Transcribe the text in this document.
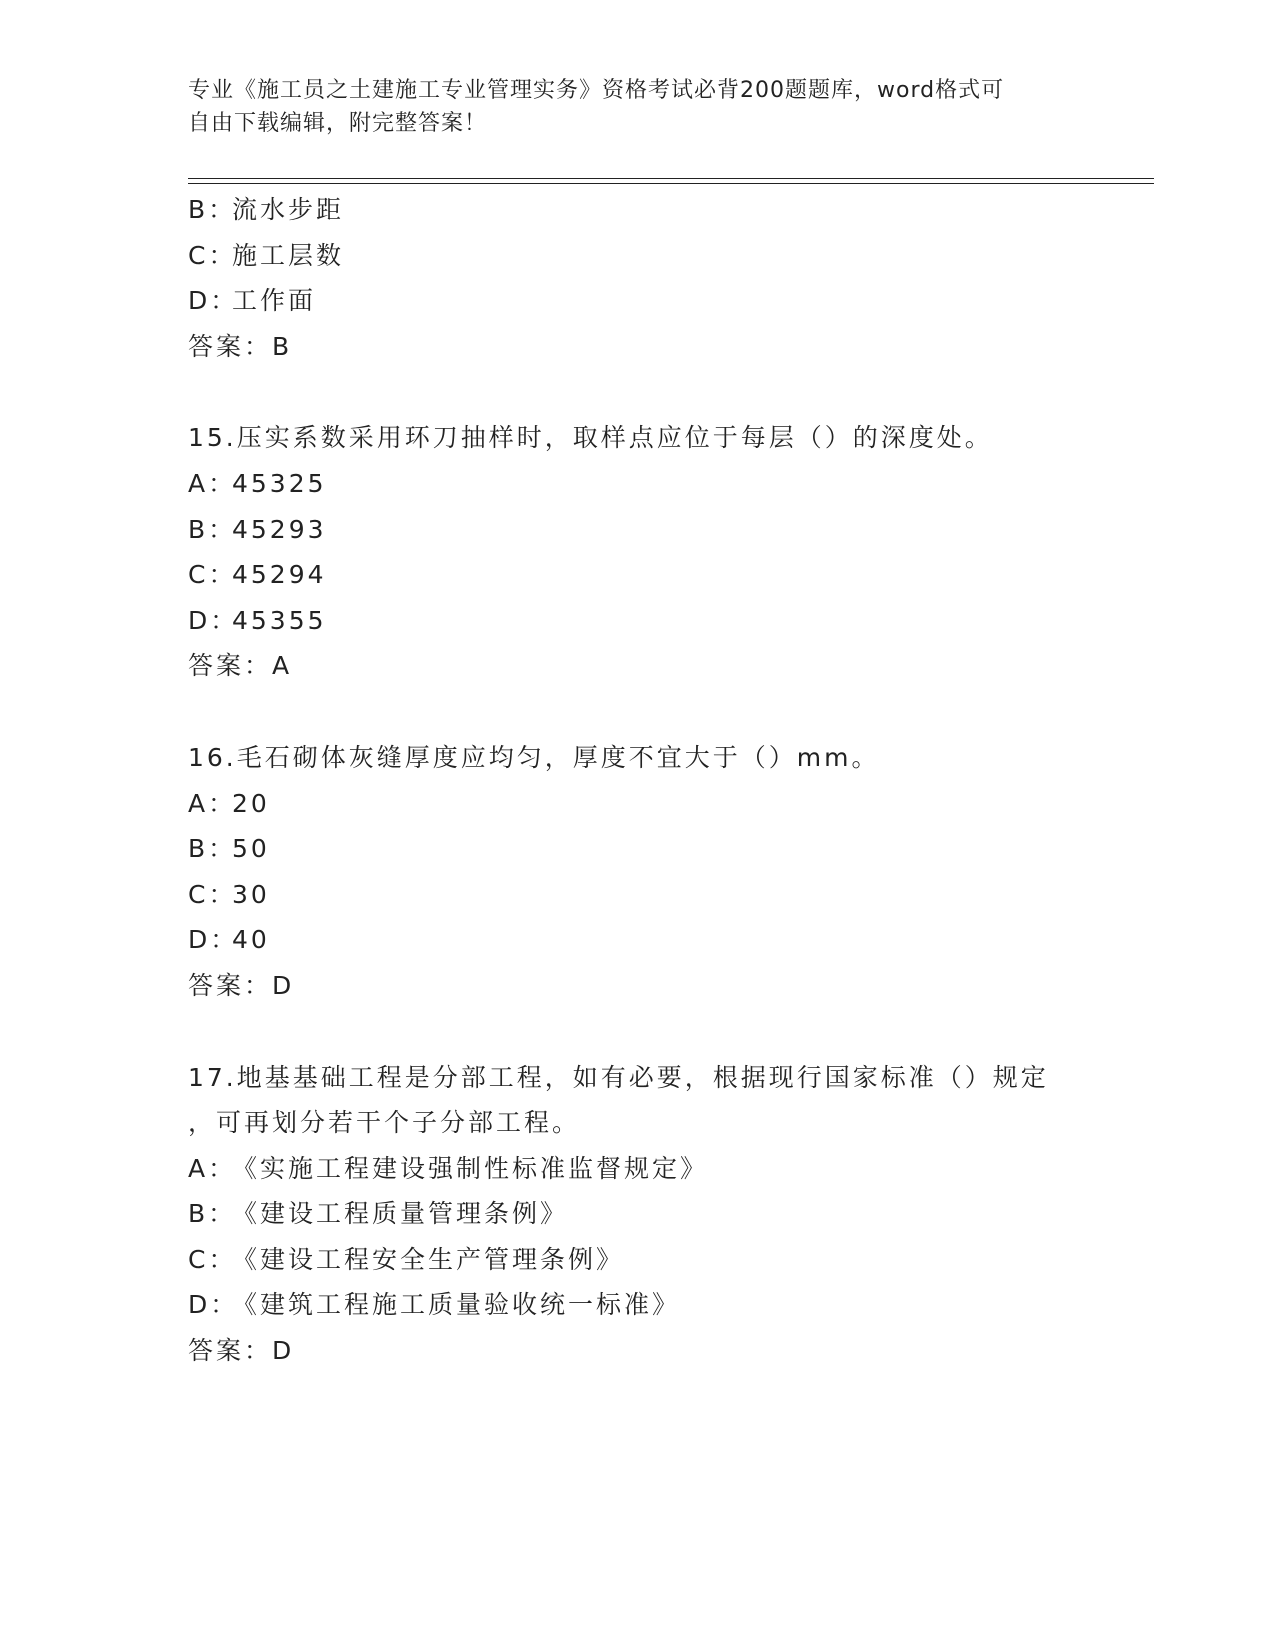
专业《施工员之土建施工专业管理实务》资格考试必背200题题库，word格式可
自由下载编辑，附完整答案！
B：流水步距
C：施工层数
D：工作面
答案：B
15.压实系数采用环刀抽样时，取样点应位于每层（）的深度处。
A：45325
B：45293
C：45294
D：45355
答案：A
16.毛石砌体灰缝厚度应均匀，厚度不宜大于（）mm。
A：20
B：50
C：30
D：40
答案：D
17.地基基础工程是分部工程，如有必要，根据现行国家标准（）规定
，可再划分若干个子分部工程。
A：《实施工程建设强制性标准监督规定》
B：《建设工程质量管理条例》
C：《建设工程安全生产管理条例》
D：《建筑工程施工质量验收统一标准》
答案：D
